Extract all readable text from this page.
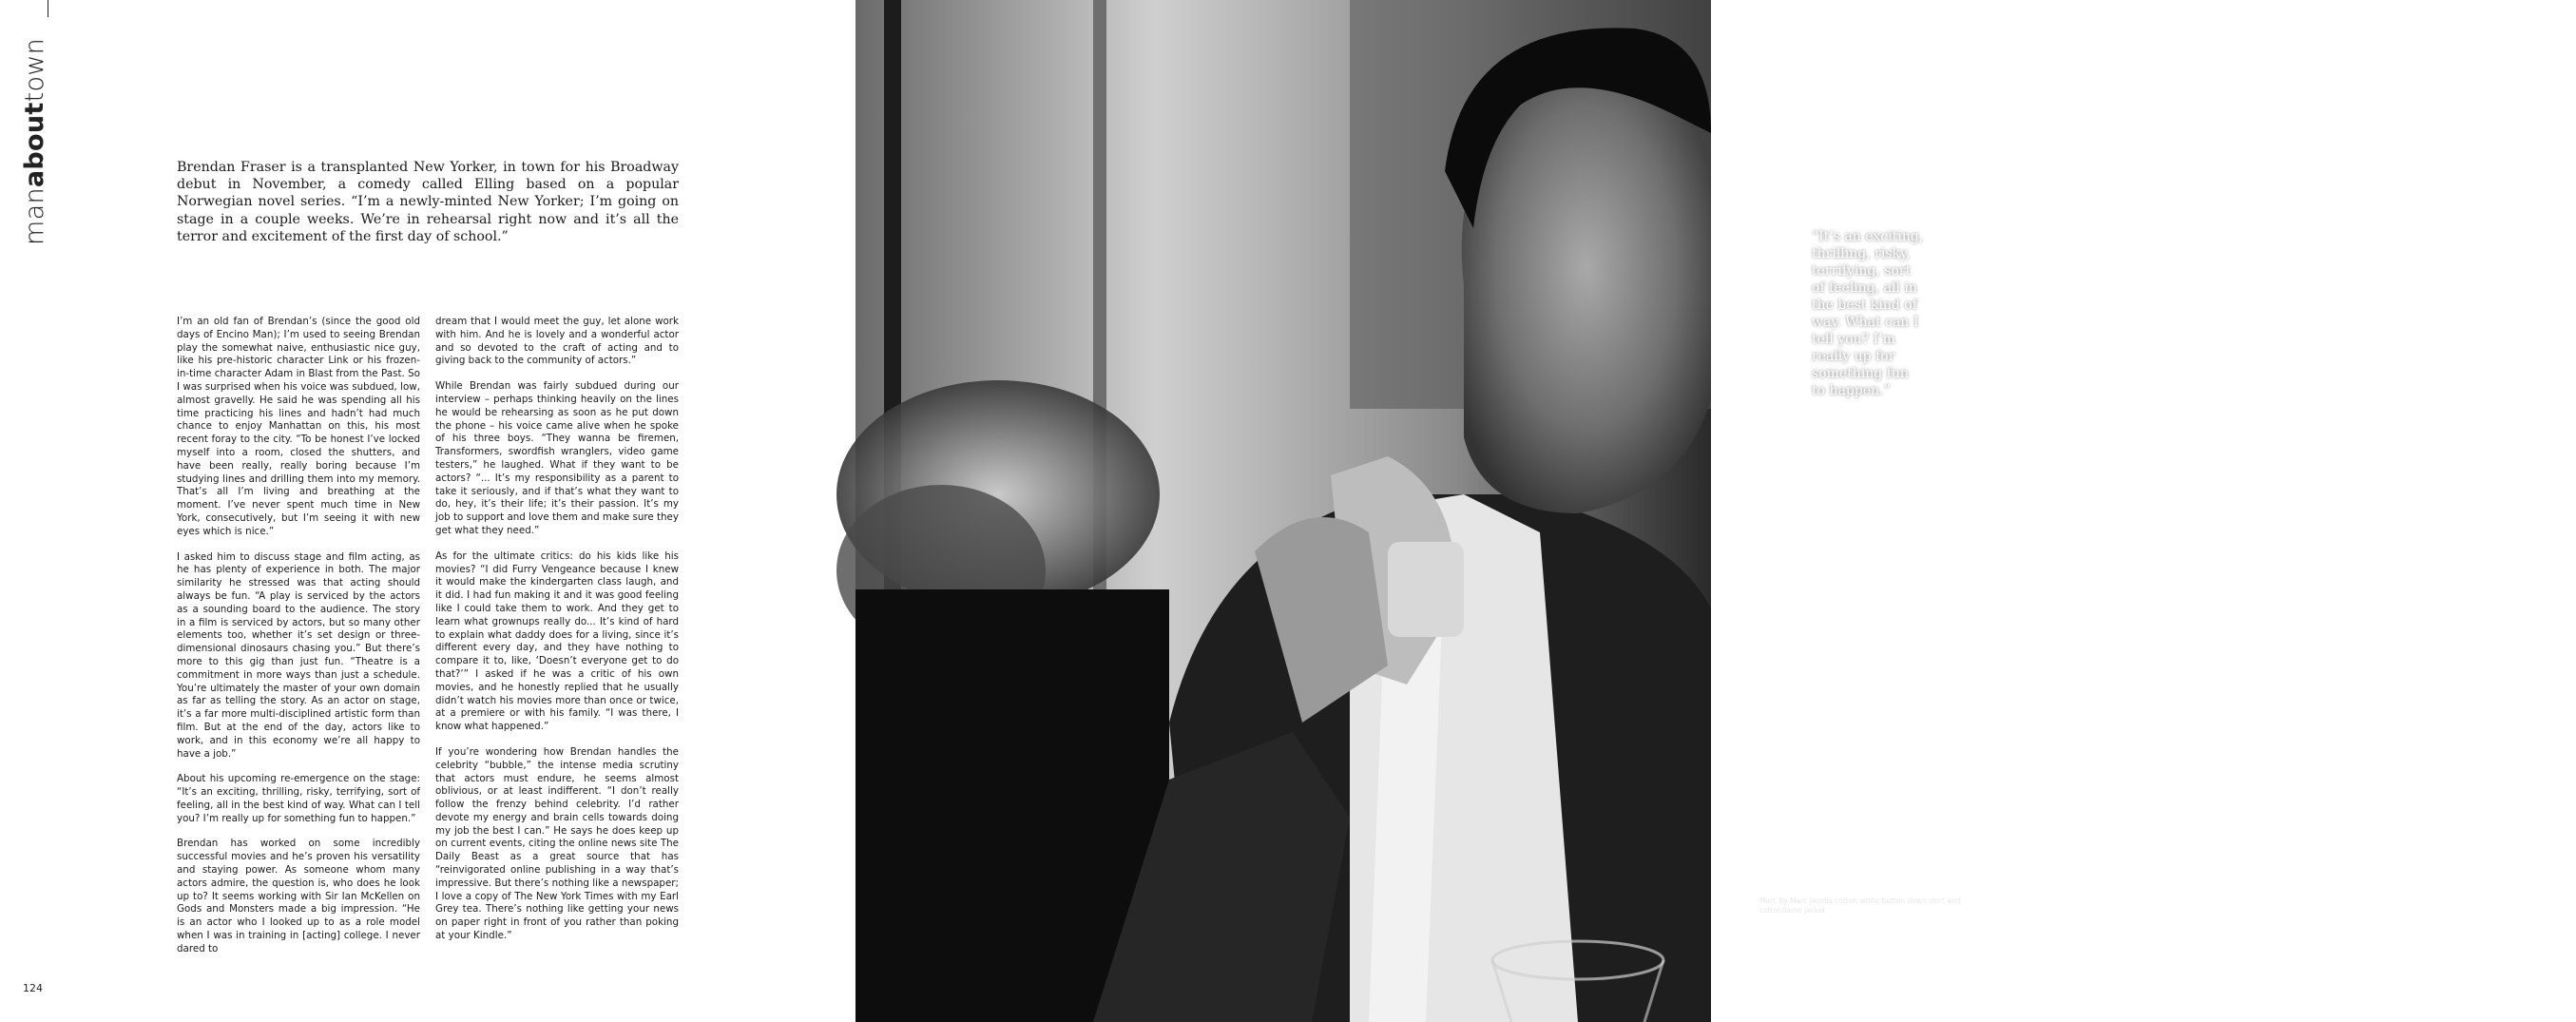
manabouttown

Brendan Fraser is a transplanted New Yorker, in town for his Broadway debut in November, a comedy called Elling based on a popular Norwegian novel series. “I’m a newly-minted New Yorker; I’m going on stage in a couple weeks. We’re in rehearsal right now and it’s all the terror and excitement of the first day of school.”

I’m an old fan of Brendan’s (since the good old days of Encino Man); I’m used to seeing Brendan play the somewhat naive, enthusiastic nice guy, like his pre-historic character Link or his frozen-in-time character Adam in Blast from the Past. So I was surprised when his voice was subdued, low, almost gravelly. He said he was spending all his time practicing his lines and hadn’t had much chance to enjoy Manhattan on this, his most recent foray to the city. “To be honest I’ve locked myself into a room, closed the shutters, and have been really, really boring because I’m studying lines and drilling them into my memory. That’s all I’m living and breathing at the moment. I’ve never spent much time in New York, consecutively, but I’m seeing it with new eyes which is nice.”

I asked him to discuss stage and film acting, as he has plenty of experience in both. The major similarity he stressed was that acting should always be fun. “A play is serviced by the actors as a sounding board to the audience. The story in a film is serviced by actors, but so many other elements too, whether it’s set design or three-dimensional dinosaurs chasing you.” But there’s more to this gig than just fun. “Theatre is a commitment in more ways than just a schedule. You’re ultimately the master of your own domain as far as telling the story. As an actor on stage, it’s a far more multi-disciplined artistic form than film. But at the end of the day, actors like to work, and in this economy we’re all happy to have a job.”

About his upcoming re-emergence on the stage: “It’s an exciting, thrilling, risky, terrifying, sort of feeling, all in the best kind of way. What can I tell you? I’m really up for something fun to happen.”

Brendan has worked on some incredibly successful movies and he’s proven his versatility and staying power. As someone whom many actors admire, the question is, who does he look up to? It seems working with Sir Ian McKellen on Gods and Monsters made a big impression. “He is an actor who I looked up to as a role model when I was in training in [acting] college. I never dared to

dream that I would meet the guy, let alone work with him. And he is lovely and a wonderful actor and so devoted to the craft of acting and to giving back to the community of actors.”

While Brendan was fairly subdued during our interview – perhaps thinking heavily on the lines he would be rehearsing as soon as he put down the phone – his voice came alive when he spoke of his three boys. “They wanna be firemen, Transformers, swordfish wranglers, video game testers,” he laughed. What if they want to be actors? “... It’s my responsibility as a parent to take it seriously, and if that’s what they want to do, hey, it’s their life; it’s their passion. It’s my job to support and love them and make sure they get what they need.”

As for the ultimate critics: do his kids like his movies? “I did Furry Vengeance because I knew it would make the kindergarten class laugh, and it did. I had fun making it and it was good feeling like I could take them to work. And they get to learn what grownups really do... It’s kind of hard to explain what daddy does for a living, since it’s different every day, and they have nothing to compare it to, like, ‘Doesn’t everyone get to do that?’” I asked if he was a critic of his own movies, and he honestly replied that he usually didn’t watch his movies more than once or twice, at a premiere or with his family. “I was there, I know what happened.”

If you’re wondering how Brendan handles the celebrity “bubble,” the intense media scrutiny that actors must endure, he seems almost oblivious, or at least indifferent. “I don’t really follow the frenzy behind celebrity. I’d rather devote my energy and brain cells towards doing my job the best I can.” He says he does keep up on current events, citing the online news site The Daily Beast as a great source that has “reinvigorated online publishing in a way that’s impressive. But there’s nothing like a newspaper; I love a copy of The New York Times with my Earl Grey tea. There’s nothing like getting your news on paper right in front of you rather than poking at your Kindle.”

124

“It’s an exciting, thrilling, risky, terrifying, sort of feeling, all in the best kind of way. What can I tell you? I’m really up for something fun to happen.”

Marc by Marc Jacobs cotton white button down shirt and cotton/laine jacket	brendan
fraser
by Ashleigh VanHouten photography by David Needleman
